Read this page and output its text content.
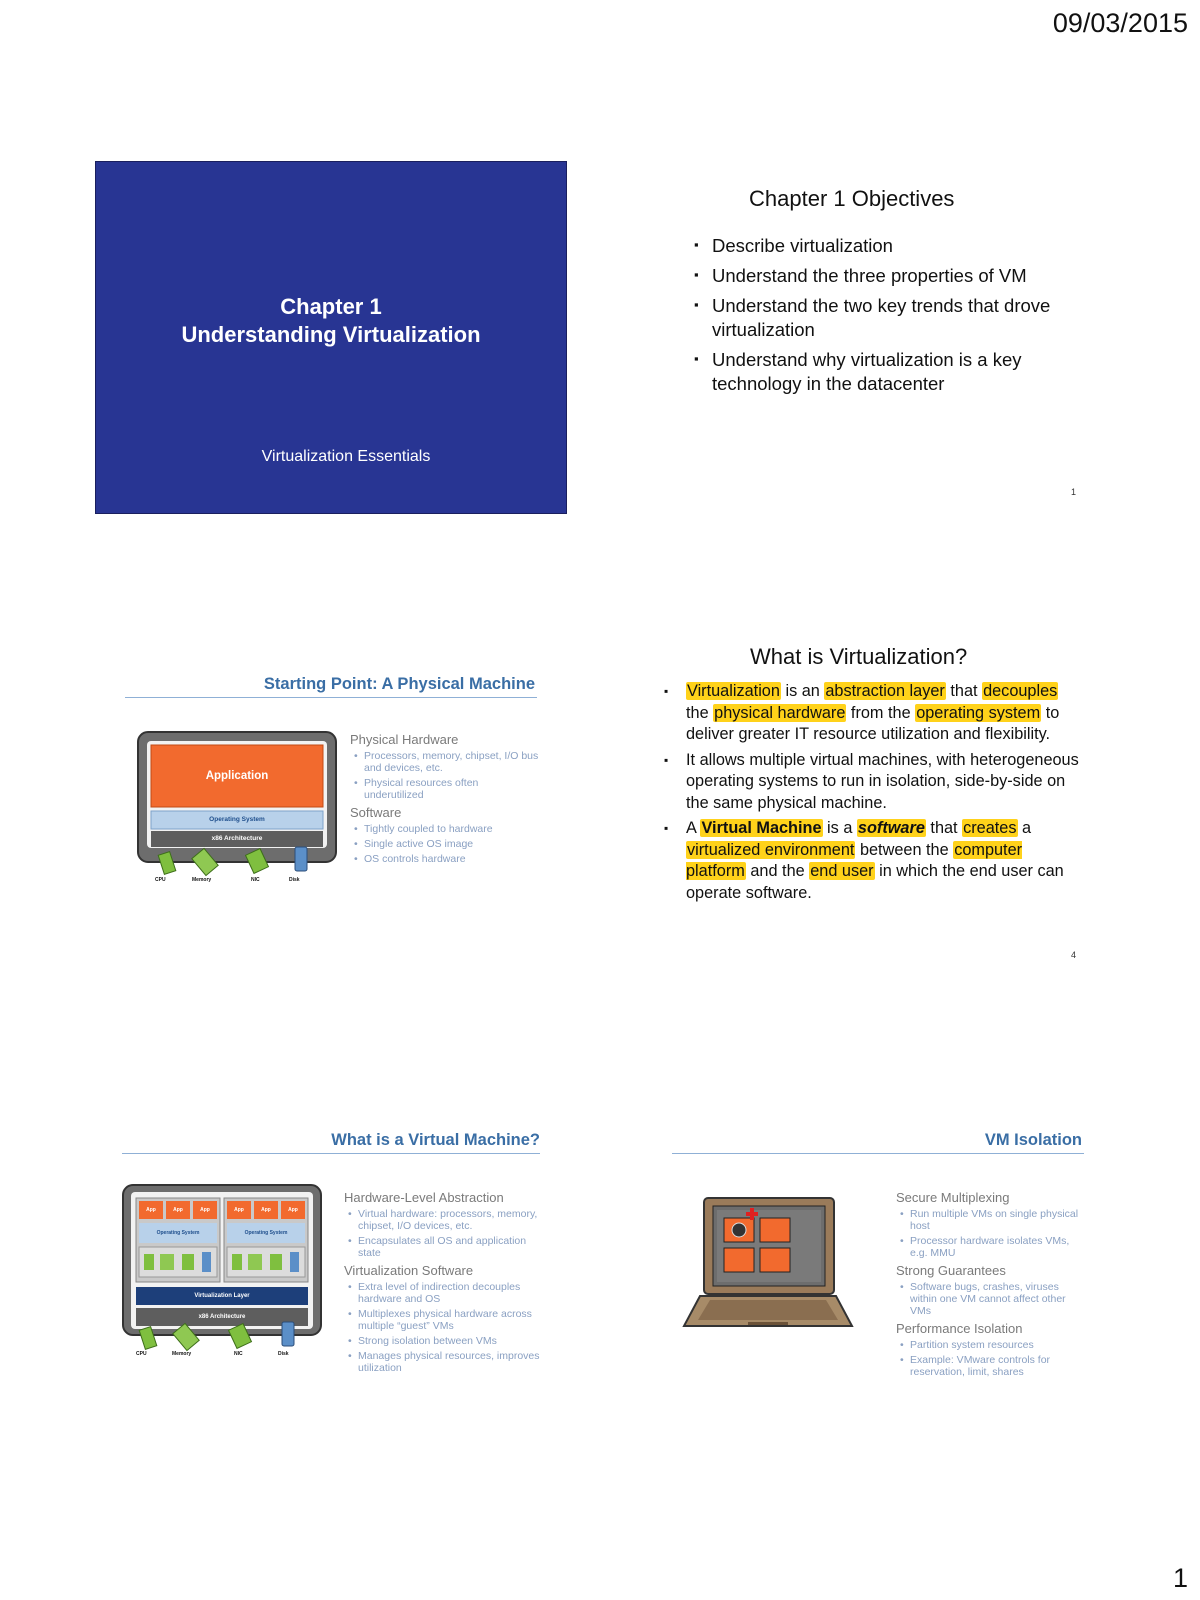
09/03/2015
1
Chapter 1
Understanding Virtualization
Virtualization Essentials
Chapter 1 Objectives
▪ Describe virtualization
▪ Understand the three properties of VM
▪ Understand the two key trends that drove virtualization
▪ Understand why virtualization is a key technology in the datacenter
1
Starting Point: A Physical Machine
Application
Operating System
x86 Architecture
CPU	Memory	NIC	Disk
Physical Hardware
• Processors, memory, chipset, I/O bus and devices, etc.
• Physical resources often underutilized
Software
• Tightly coupled to hardware
• Single active OS image
• OS controls hardware
What is Virtualization?
▪ Virtualization is an abstraction layer that decouples the physical hardware from the operating system to deliver greater IT resource utilization and flexibility.
▪ It allows multiple virtual machines, with heterogeneous operating systems to run in isolation, side-by-side on the same physical machine.
▪ A Virtual Machine is a software that creates a virtualized environment between the computer platform and the end user in which the end user can operate software.
4
What is a Virtual Machine?
App	App	App	App	App	App
Operating System	Operating System
Virtualization Layer
x86 Architecture
CPU	Memory	NIC	Disk
Hardware-Level Abstraction
• Virtual hardware: processors, memory, chipset, I/O devices, etc.
• Encapsulates all OS and application state
Virtualization Software
• Extra level of indirection decouples hardware and OS
• Multiplexes physical hardware across multiple “guest” VMs
• Strong isolation between VMs
• Manages physical resources, improves utilization
VM Isolation
Secure Multiplexing
• Run multiple VMs on single physical host
• Processor hardware isolates VMs, e.g. MMU
Strong Guarantees
• Software bugs, crashes, viruses within one VM cannot affect other VMs
Performance Isolation
• Partition system resources
• Example: VMware controls for reservation, limit, shares
